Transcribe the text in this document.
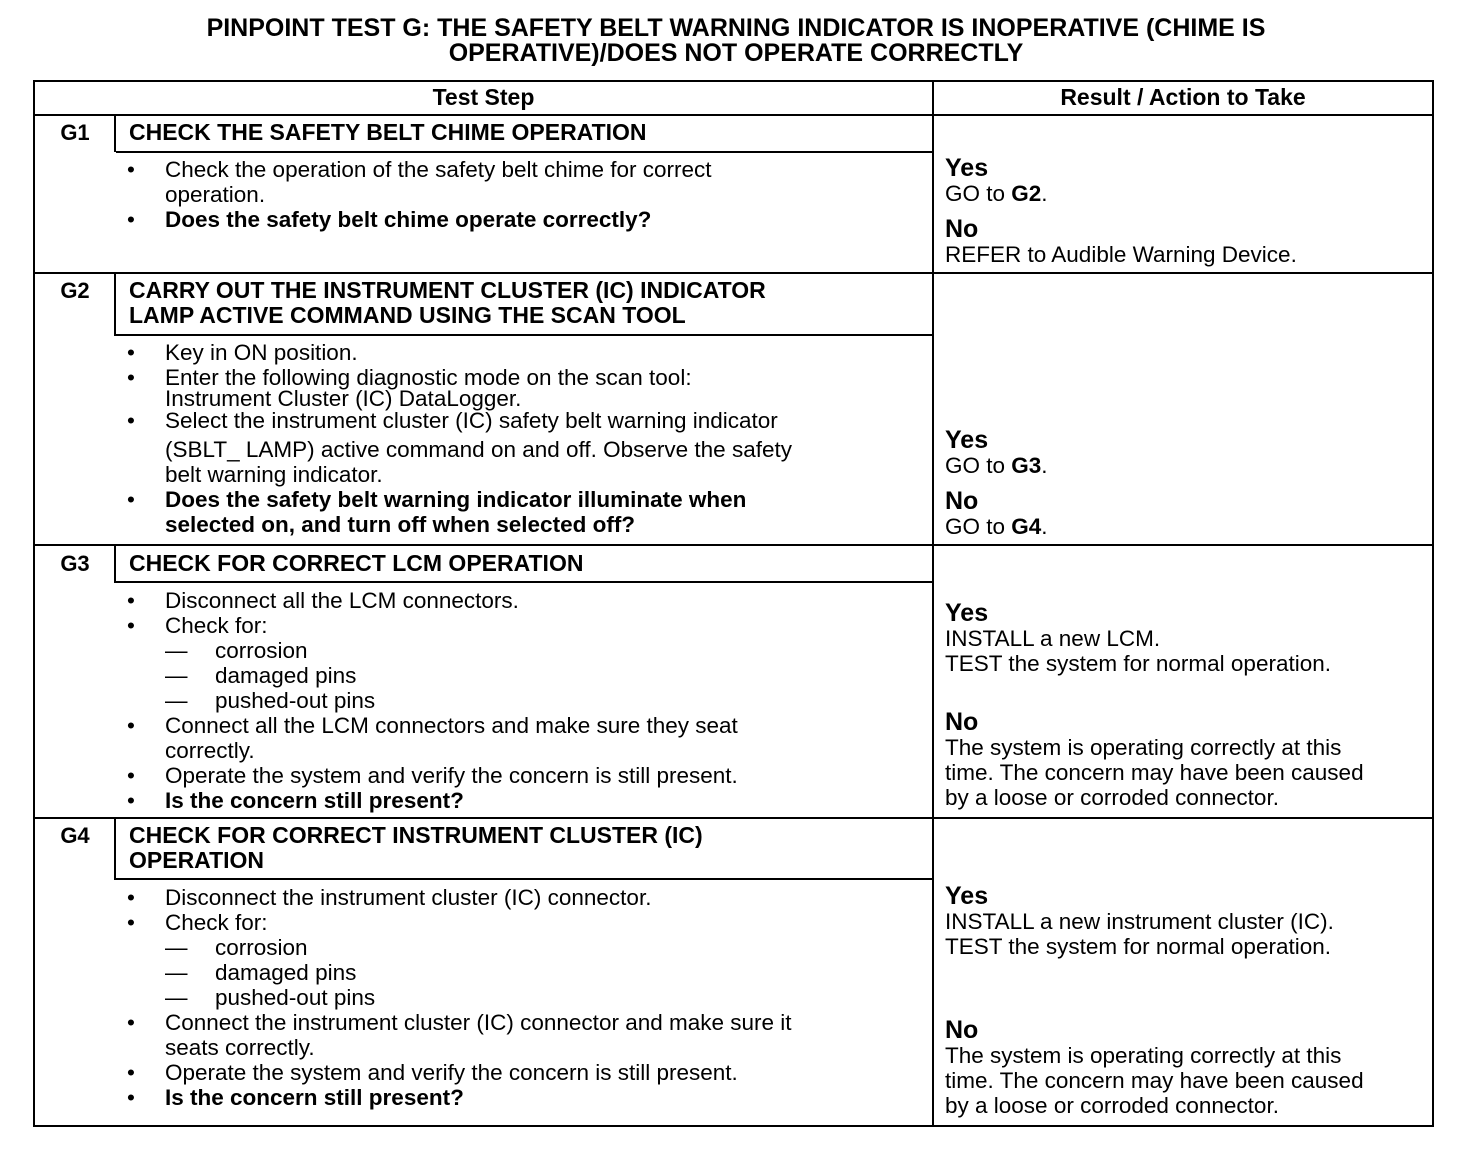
PINPOINT TEST G: THE SAFETY BELT WARNING INDICATOR IS INOPERATIVE (CHIME IS
OPERATIVE)/DOES NOT OPERATE CORRECTLY
Test Step	Result / Action to Take
G1	CHECK THE SAFETY BELT CHIME OPERATION
• Check the operation of the safety belt chime for correct
operation.
• Does the safety belt chime operate correctly?
Yes
GO to G2.
No
REFER to Audible Warning Device.
G2	CARRY OUT THE INSTRUMENT CLUSTER (IC) INDICATOR
LAMP ACTIVE COMMAND USING THE SCAN TOOL
• Key in ON position.
• Enter the following diagnostic mode on the scan tool:
Instrument Cluster (IC) DataLogger.
• Select the instrument cluster (IC) safety belt warning indicator
(SBLT_ LAMP) active command on and off. Observe the safety
belt warning indicator.
• Does the safety belt warning indicator illuminate when
selected on, and turn off when selected off?
Yes
GO to G3.
No
GO to G4.
G3	CHECK FOR CORRECT LCM OPERATION
• Disconnect all the LCM connectors.
• Check for:
— corrosion
— damaged pins
— pushed-out pins
• Connect all the LCM connectors and make sure they seat
correctly.
• Operate the system and verify the concern is still present.
• Is the concern still present?
Yes
INSTALL a new LCM.
TEST the system for normal operation.
No
The system is operating correctly at this
time. The concern may have been caused
by a loose or corroded connector.
G4	CHECK FOR CORRECT INSTRUMENT CLUSTER (IC)
OPERATION
• Disconnect the instrument cluster (IC) connector.
• Check for:
— corrosion
— damaged pins
— pushed-out pins
• Connect the instrument cluster (IC) connector and make sure it
seats correctly.
• Operate the system and verify the concern is still present.
• Is the concern still present?
Yes
INSTALL a new instrument cluster (IC).
TEST the system for normal operation.
No
The system is operating correctly at this
time. The concern may have been caused
by a loose or corroded connector.
